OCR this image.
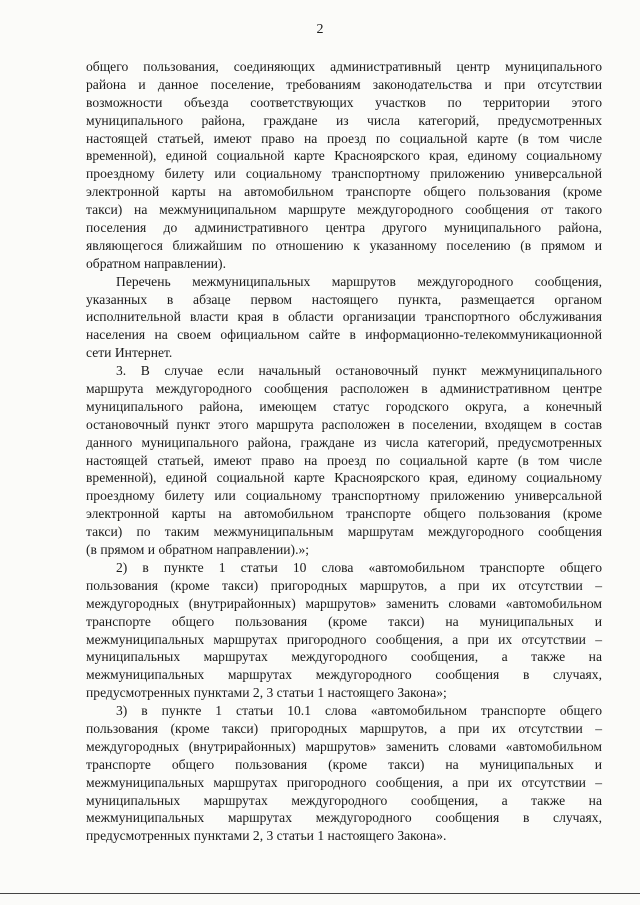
2
общего пользования, соединяющих административный центр муниципального
района и данное поселение, требованиям законодательства и при отсутствии
возможности объезда соответствующих участков по территории этого
муниципального района, граждане из числа категорий, предусмотренных
настоящей статьей, имеют право на проезд по социальной карте (в том числе
временной), единой социальной карте Красноярского края, единому социальному
проездному билету или социальному транспортному приложению универсальной
электронной карты на автомобильном транспорте общего пользования (кроме
такси) на межмуниципальном маршруте междугородного сообщения от такого
поселения до административного центра другого муниципального района,
являющегося ближайшим по отношению к указанному поселению (в прямом и
обратном направлении).
Перечень межмуниципальных маршрутов междугородного сообщения,
указанных в абзаце первом настоящего пункта, размещается органом
исполнительной власти края в области организации транспортного обслуживания
населения на своем официальном сайте в информационно-телекоммуникационной
сети Интернет.
3. В случае если начальный остановочный пункт межмуниципального
маршрута междугородного сообщения расположен в административном центре
муниципального района, имеющем статус городского округа, а конечный
остановочный пункт этого маршрута расположен в поселении, входящем в состав
данного муниципального района, граждане из числа категорий, предусмотренных
настоящей статьей, имеют право на проезд по социальной карте (в том числе
временной), единой социальной карте Красноярского края, единому социальному
проездному билету или социальному транспортному приложению универсальной
электронной карты на автомобильном транспорте общего пользования (кроме
такси) по таким межмуниципальным маршрутам междугородного сообщения
(в прямом и обратном направлении).»;
2) в пункте 1 статьи 10 слова «автомобильном транспорте общего
пользования (кроме такси) пригородных маршрутов, а при их отсутствии –
междугородных (внутрирайонных) маршрутов» заменить словами «автомобильном
транспорте общего пользования (кроме такси) на муниципальных и
межмуниципальных маршрутах пригородного сообщения, а при их отсутствии –
муниципальных маршрутах междугородного сообщения, а также на
межмуниципальных маршрутах междугородного сообщения в случаях,
предусмотренных пунктами 2, 3 статьи 1 настоящего Закона»;
3) в пункте 1 статьи 10.1 слова «автомобильном транспорте общего
пользования (кроме такси) пригородных маршрутов, а при их отсутствии –
междугородных (внутрирайонных) маршрутов» заменить словами «автомобильном
транспорте общего пользования (кроме такси) на муниципальных и
межмуниципальных маршрутах пригородного сообщения, а при их отсутствии –
муниципальных маршрутах междугородного сообщения, а также на
межмуниципальных маршрутах междугородного сообщения в случаях,
предусмотренных пунктами 2, 3 статьи 1 настоящего Закона».
